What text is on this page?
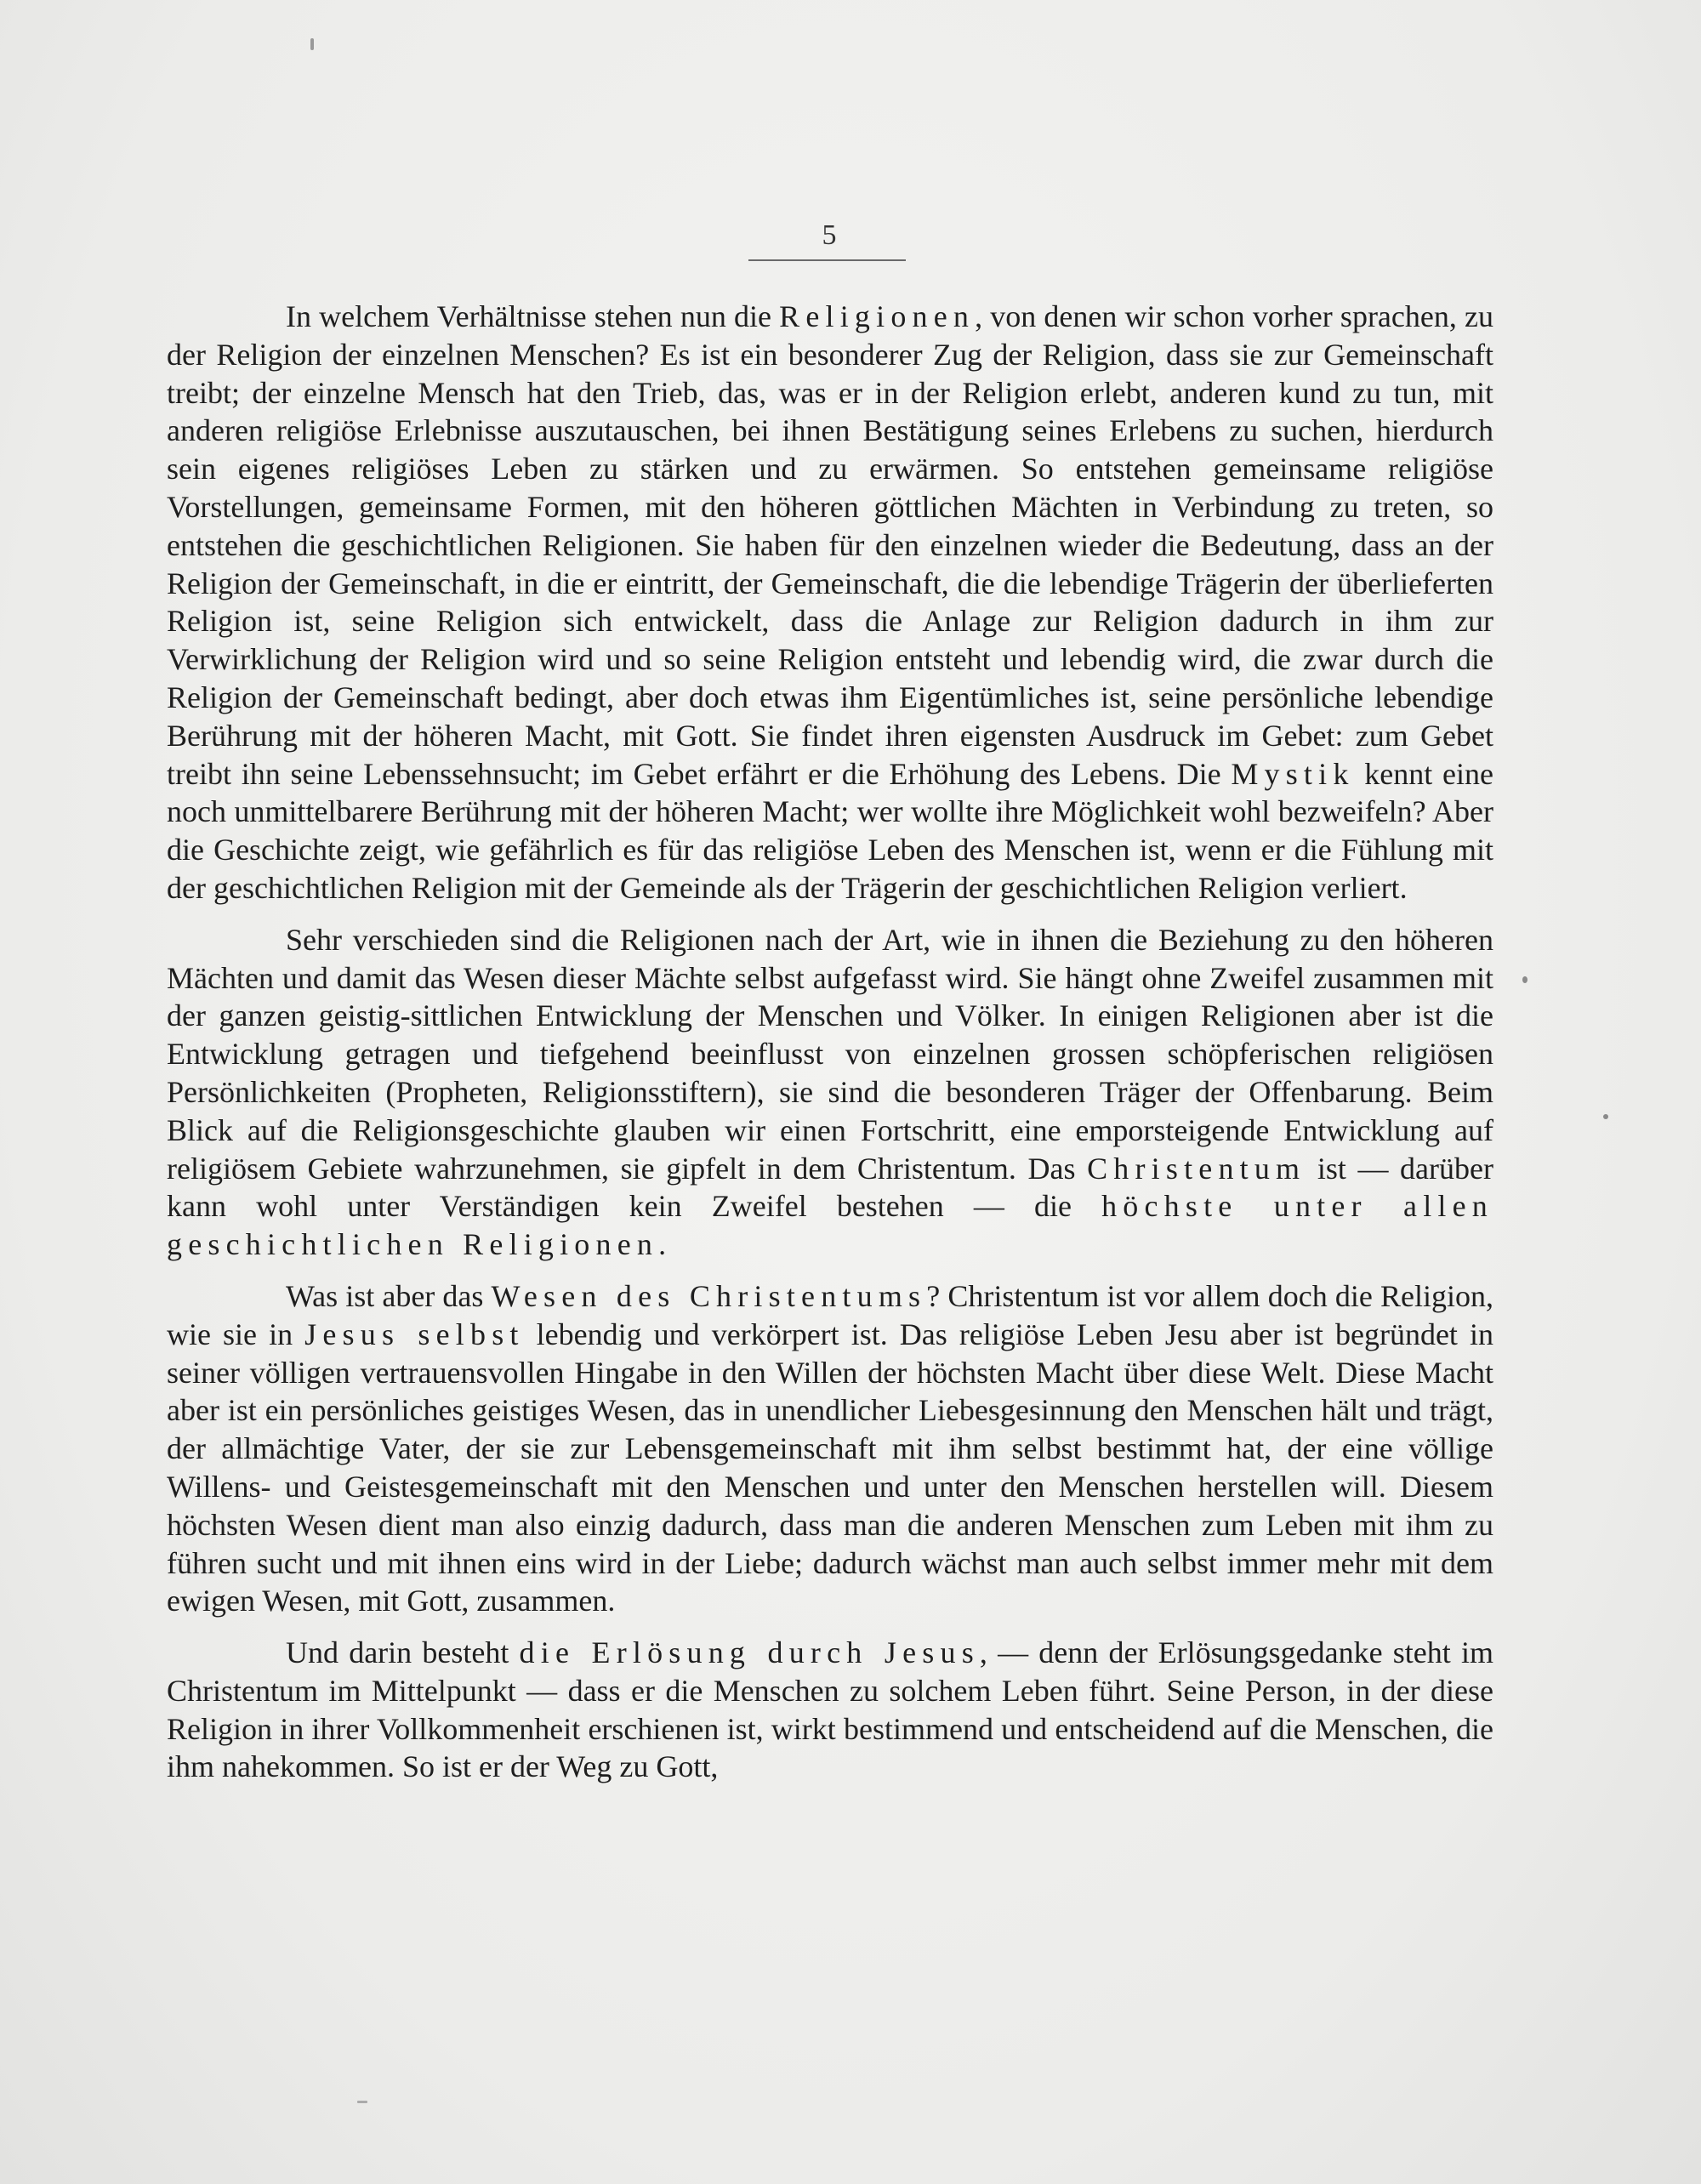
5

In welchem Verhältnisse stehen nun die Religionen, von denen wir schon vorher sprachen, zu der Religion der einzelnen Menschen? Es ist ein besonderer Zug der Religion, dass sie zur Gemeinschaft treibt; der einzelne Mensch hat den Trieb, das, was er in der Religion erlebt, anderen kund zu tun, mit anderen religiöse Erlebnisse auszutauschen, bei ihnen Bestätigung seines Erlebens zu suchen, hierdurch sein eigenes religiöses Leben zu stärken und zu erwärmen. So entstehen gemeinsame religiöse Vorstellungen, gemeinsame Formen, mit den höheren göttlichen Mächten in Verbindung zu treten, so entstehen die geschichtlichen Religionen. Sie haben für den einzelnen wieder die Bedeutung, dass an der Religion der Gemeinschaft, in die er eintritt, der Gemeinschaft, die die lebendige Trägerin der überlieferten Religion ist, seine Religion sich entwickelt, dass die Anlage zur Religion dadurch in ihm zur Verwirklichung der Religion wird und so seine Religion entsteht und lebendig wird, die zwar durch die Religion der Gemeinschaft bedingt, aber doch etwas ihm Eigentümliches ist, seine persönliche lebendige Berührung mit der höheren Macht, mit Gott. Sie findet ihren eigensten Ausdruck im Gebet: zum Gebet treibt ihn seine Lebenssehnsucht; im Gebet erfährt er die Erhöhung des Lebens. Die Mystik kennt eine noch unmittelbarere Berührung mit der höheren Macht; wer wollte ihre Möglichkeit wohl bezweifeln? Aber die Geschichte zeigt, wie gefährlich es für das religiöse Leben des Menschen ist, wenn er die Fühlung mit der geschichtlichen Religion mit der Gemeinde als der Trägerin der geschichtlichen Religion verliert.

Sehr verschieden sind die Religionen nach der Art, wie in ihnen die Beziehung zu den höheren Mächten und damit das Wesen dieser Mächte selbst aufgefasst wird. Sie hängt ohne Zweifel zusammen mit der ganzen geistig-sittlichen Entwicklung der Menschen und Völker. In einigen Religionen aber ist die Entwicklung getragen und tiefgehend beeinflusst von einzelnen grossen schöpferischen religiösen Persönlichkeiten (Propheten, Religionsstiftern), sie sind die besonderen Träger der Offenbarung. Beim Blick auf die Religionsgeschichte glauben wir einen Fortschritt, eine emporsteigende Entwicklung auf religiösem Gebiete wahrzunehmen, sie gipfelt in dem Christentum. Das Christentum ist — darüber kann wohl unter Verständigen kein Zweifel bestehen — die höchste unter allen geschichtlichen Religionen.

Was ist aber das Wesen des Christentums? Christentum ist vor allem doch die Religion, wie sie in Jesus selbst lebendig und verkörpert ist. Das religiöse Leben Jesu aber ist begründet in seiner völligen vertrauensvollen Hingabe in den Willen der höchsten Macht über diese Welt. Diese Macht aber ist ein persönliches geistiges Wesen, das in unendlicher Liebesgesinnung den Menschen hält und trägt, der allmächtige Vater, der sie zur Lebensgemeinschaft mit ihm selbst bestimmt hat, der eine völlige Willens- und Geistesgemeinschaft mit den Menschen und unter den Menschen herstellen will. Diesem höchsten Wesen dient man also einzig dadurch, dass man die anderen Menschen zum Leben mit ihm zu führen sucht und mit ihnen eins wird in der Liebe; dadurch wächst man auch selbst immer mehr mit dem ewigen Wesen, mit Gott, zusammen.

Und darin besteht die Erlösung durch Jesus, — denn der Erlösungsgedanke steht im Christentum im Mittelpunkt — dass er die Menschen zu solchem Leben führt. Seine Person, in der diese Religion in ihrer Vollkommenheit erschienen ist, wirkt bestimmend und entscheidend auf die Menschen, die ihm nahekommen. So ist er der Weg zu Gott,
